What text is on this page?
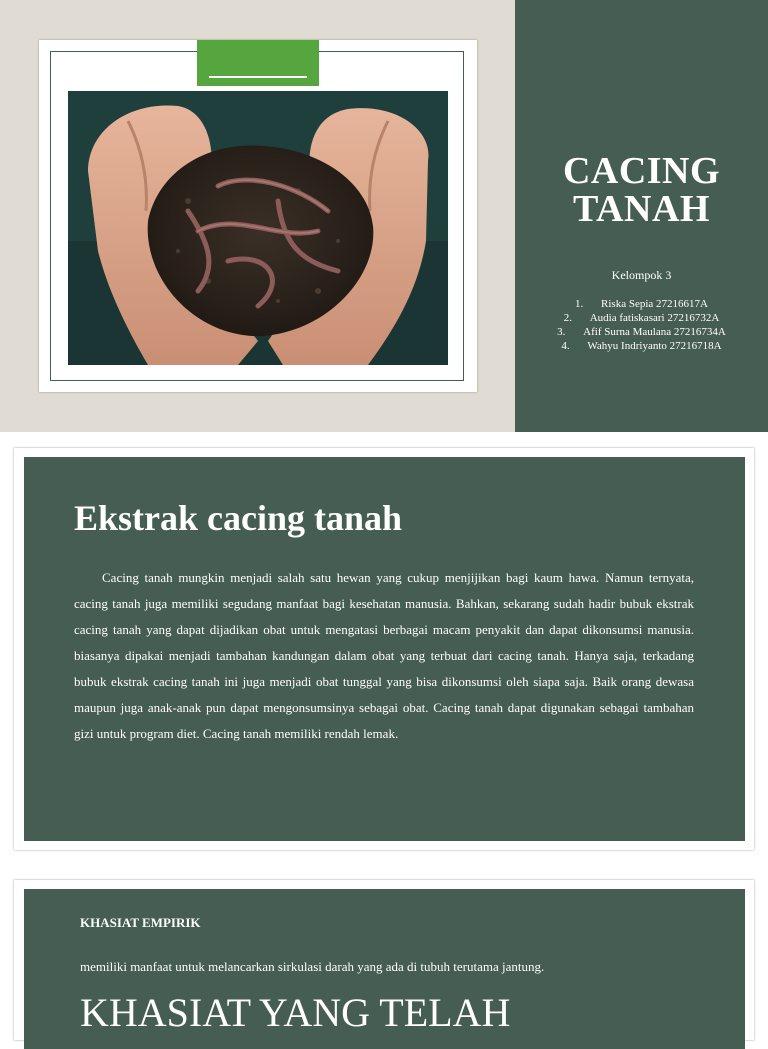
CACING TANAH
Kelompok 3
1. Riska Sepia 27216617A
2. Audia fatiskasari 27216732A
3. Afif Surna Maulana 27216734A
4. Wahyu Indriyanto 27216718A
Ekstrak cacing tanah

Cacing tanah mungkin menjadi salah satu hewan yang cukup menjijikan bagi kaum hawa. Namun ternyata, cacing tanah juga memiliki segudang manfaat bagi kesehatan manusia. Bahkan, sekarang sudah hadir bubuk ekstrak cacing tanah yang dapat dijadikan obat untuk mengatasi berbagai macam penyakit dan dapat dikonsumsi manusia. biasanya dipakai menjadi tambahan kandungan dalam obat yang terbuat dari cacing tanah. Hanya saja, terkadang bubuk ekstrak cacing tanah ini juga menjadi obat tunggal yang bisa dikonsumsi oleh siapa saja. Baik orang dewasa maupun juga anak-anak pun dapat mengonsumsinya sebagai obat. Cacing tanah dapat digunakan sebagai tambahan gizi untuk program diet. Cacing tanah memiliki rendah lemak.

KHASIAT EMPIRIK
memiliki manfaat untuk melancarkan sirkulasi darah yang ada di tubuh terutama jantung.
KHASIAT YANG TELAH
